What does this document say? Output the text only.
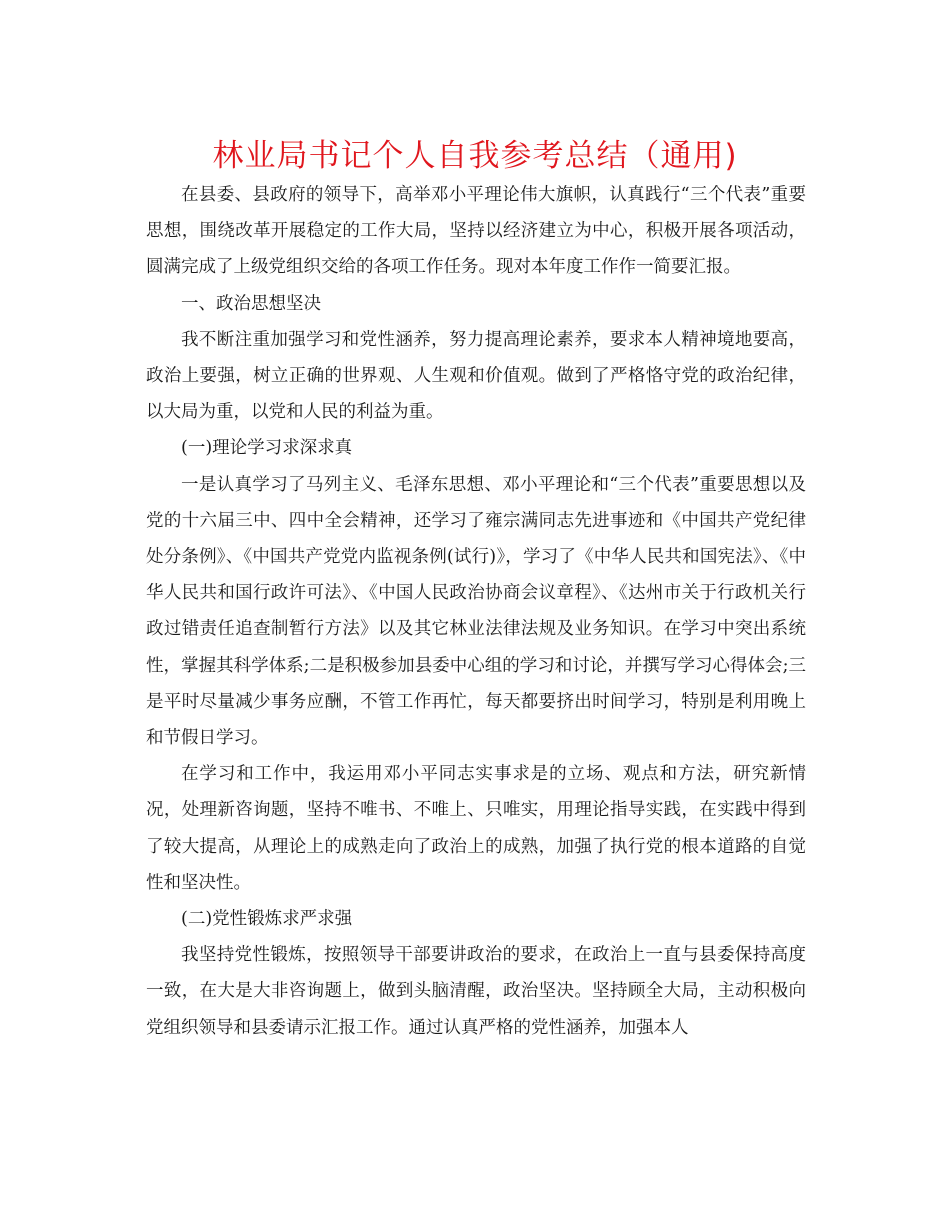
林业局书记个人自我参考总结（通用)

在县委、县政府的领导下，高举邓小平理论伟大旗帜，认真践行“三个代表”重要思想，围绕改革开展稳定的工作大局，坚持以经济建立为中心，积极开展各项活动，圆满完成了上级党组织交给的各项工作任务。现对本年度工作作一简要汇报。

一、政治思想坚决

我不断注重加强学习和党性涵养，努力提高理论素养，要求本人精神境地要高，政治上要强，树立正确的世界观、人生观和价值观。做到了严格恪守党的政治纪律，以大局为重，以党和人民的利益为重。

(一)理论学习求深求真

一是认真学习了马列主义、毛泽东思想、邓小平理论和“三个代表”重要思想以及党的十六届三中、四中全会精神，还学习了雍宗满同志先进事迹和《中国共产党纪律处分条例》、《中国共产党党内监视条例(试行)》，学习了《中华人民共和国宪法》、《中华人民共和国行政许可法》、《中国人民政治协商会议章程》、《达州市关于行政机关行政过错责任追查制暂行方法》以及其它林业法律法规及业务知识。在学习中突出系统性，掌握其科学体系;二是积极参加县委中心组的学习和讨论，并撰写学习心得体会;三是平时尽量减少事务应酬，不管工作再忙，每天都要挤出时间学习，特别是利用晚上和节假日学习。

在学习和工作中，我运用邓小平同志实事求是的立场、观点和方法，研究新情况，处理新咨询题，坚持不唯书、不唯上、只唯实，用理论指导实践，在实践中得到了较大提高，从理论上的成熟走向了政治上的成熟，加强了执行党的根本道路的自觉性和坚决性。

(二)党性锻炼求严求强

我坚持党性锻炼，按照领导干部要讲政治的要求，在政治上一直与县委保持高度一致，在大是大非咨询题上，做到头脑清醒，政治坚决。坚持顾全大局，主动积极向党组织领导和县委请示汇报工作。通过认真严格的党性涵养，加强本人
